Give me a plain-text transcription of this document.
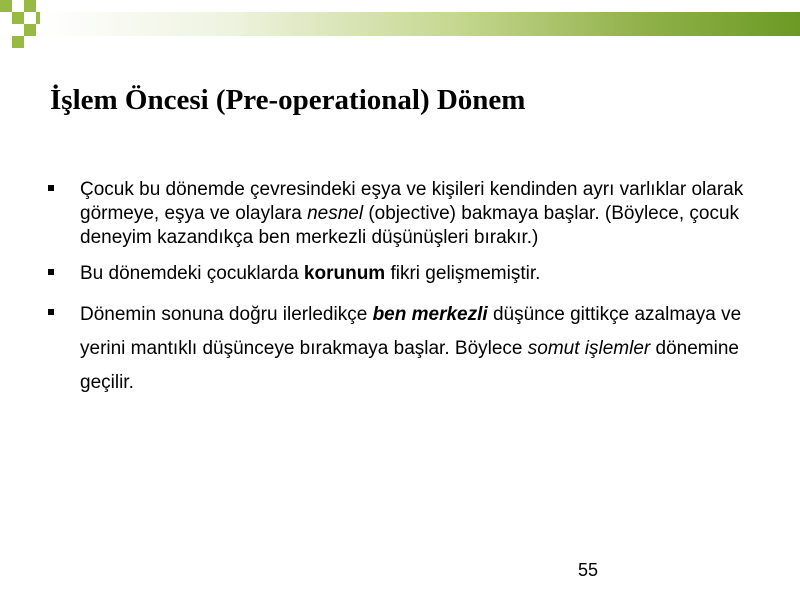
İşlem Öncesi (Pre-operational) Dönem
Çocuk bu dönemde çevresindeki eşya ve kişileri kendinden ayrı varlıklar olarak görmeye, eşya ve olaylara nesnel (objective) bakmaya başlar. (Böylece, çocuk deneyim kazandıkça ben merkezli düşünüşleri bırakır.)
Bu dönemdeki çocuklarda korunum fikri gelişmemiştir.
Dönemin sonuna doğru ilerledikçe ben merkezli düşünce gittikçe azalmaya ve yerini mantıklı düşünceye bırakmaya başlar. Böylece somut işlemler dönemine geçilir.
55
